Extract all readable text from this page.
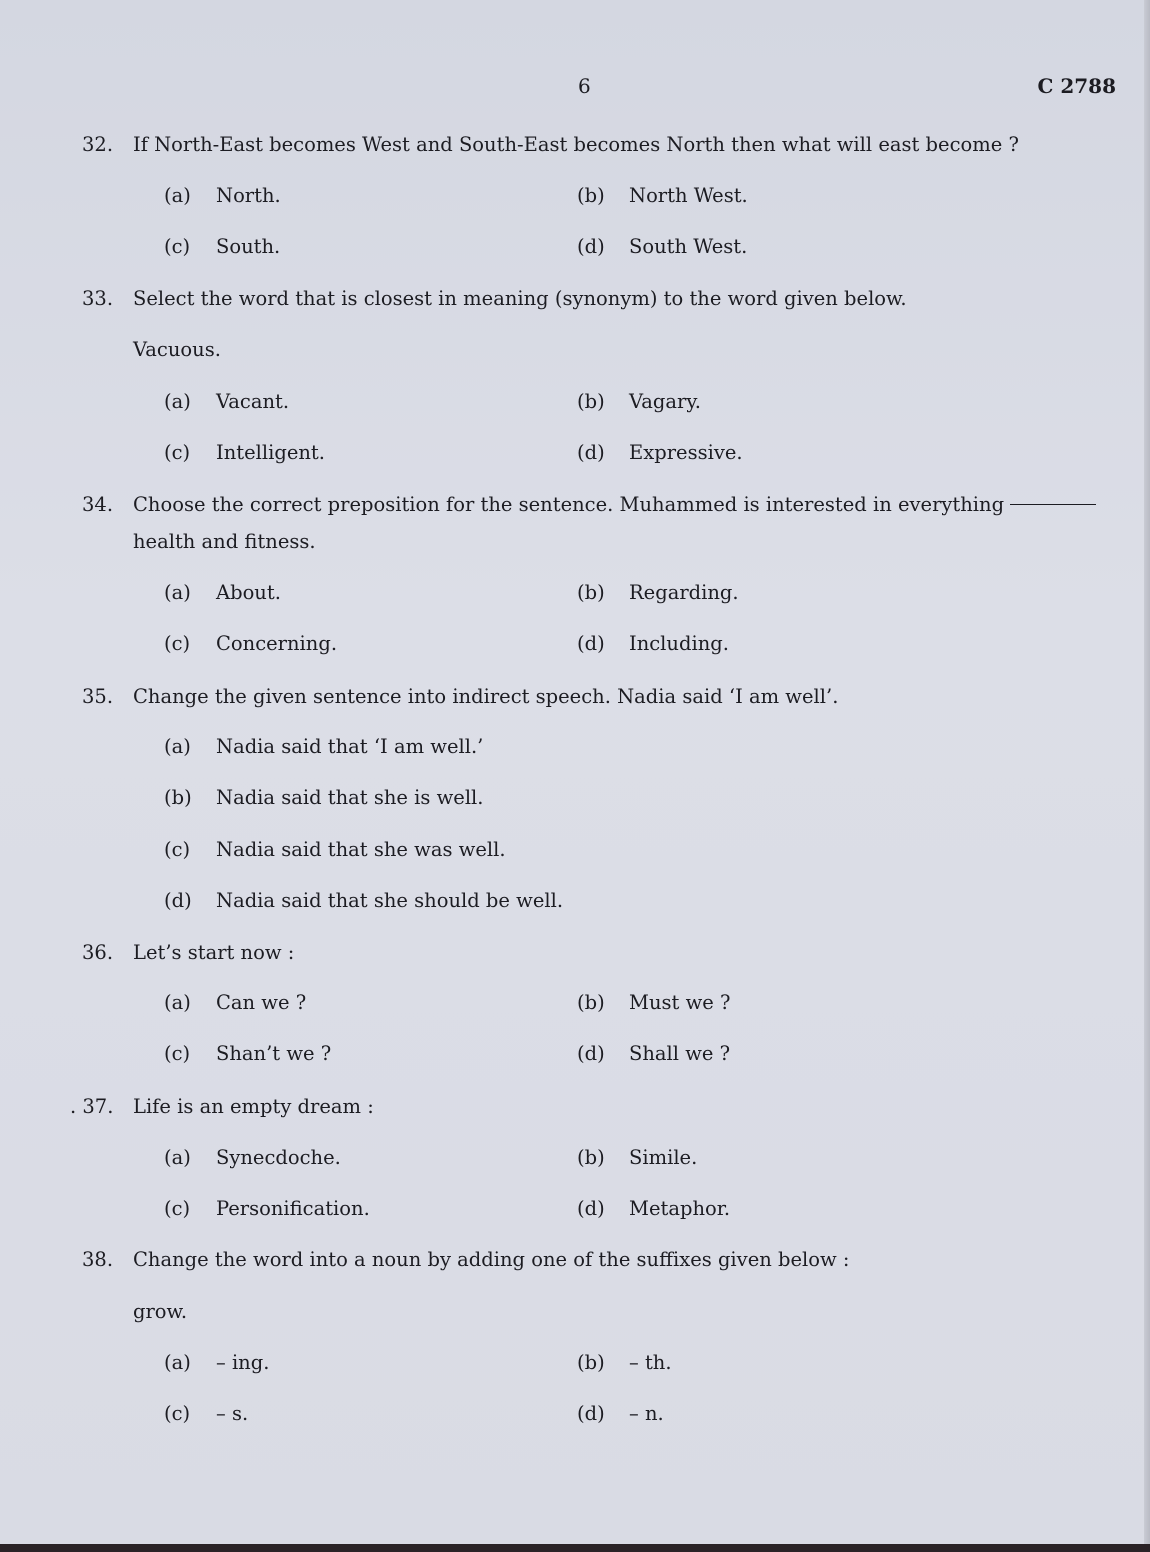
6	C 2788
32. If North-East becomes West and South-East becomes North then what will east become ?
(a) North.	(b) North West.
(c) South.	(d) South West.
33. Select the word that is closest in meaning (synonym) to the word given below.
Vacuous.
(a) Vacant.	(b) Vagary.
(c) Intelligent.	(d) Expressive.
34. Choose the correct preposition for the sentence. Muhammed is interested in everything
health and fitness.
(a) About.	(b) Regarding.
(c) Concerning.	(d) Including.
35. Change the given sentence into indirect speech. Nadia said ‘I am well’.
(a) Nadia said that ‘I am well.’
(b) Nadia said that she is well.
(c) Nadia said that she was well.
(d) Nadia said that she should be well.
36. Let’s start now :
(a) Can we ?	(b) Must we ?
(c) Shan’t we ?	(d) Shall we ?
. 37. Life is an empty dream :
(a) Synecdoche.	(b) Simile.
(c) Personification.	(d) Metaphor.
38. Change the word into a noun by adding one of the suffixes given below :
grow.
(a) – ing.	(b) – th.
(c) – s.	(d) – n.
